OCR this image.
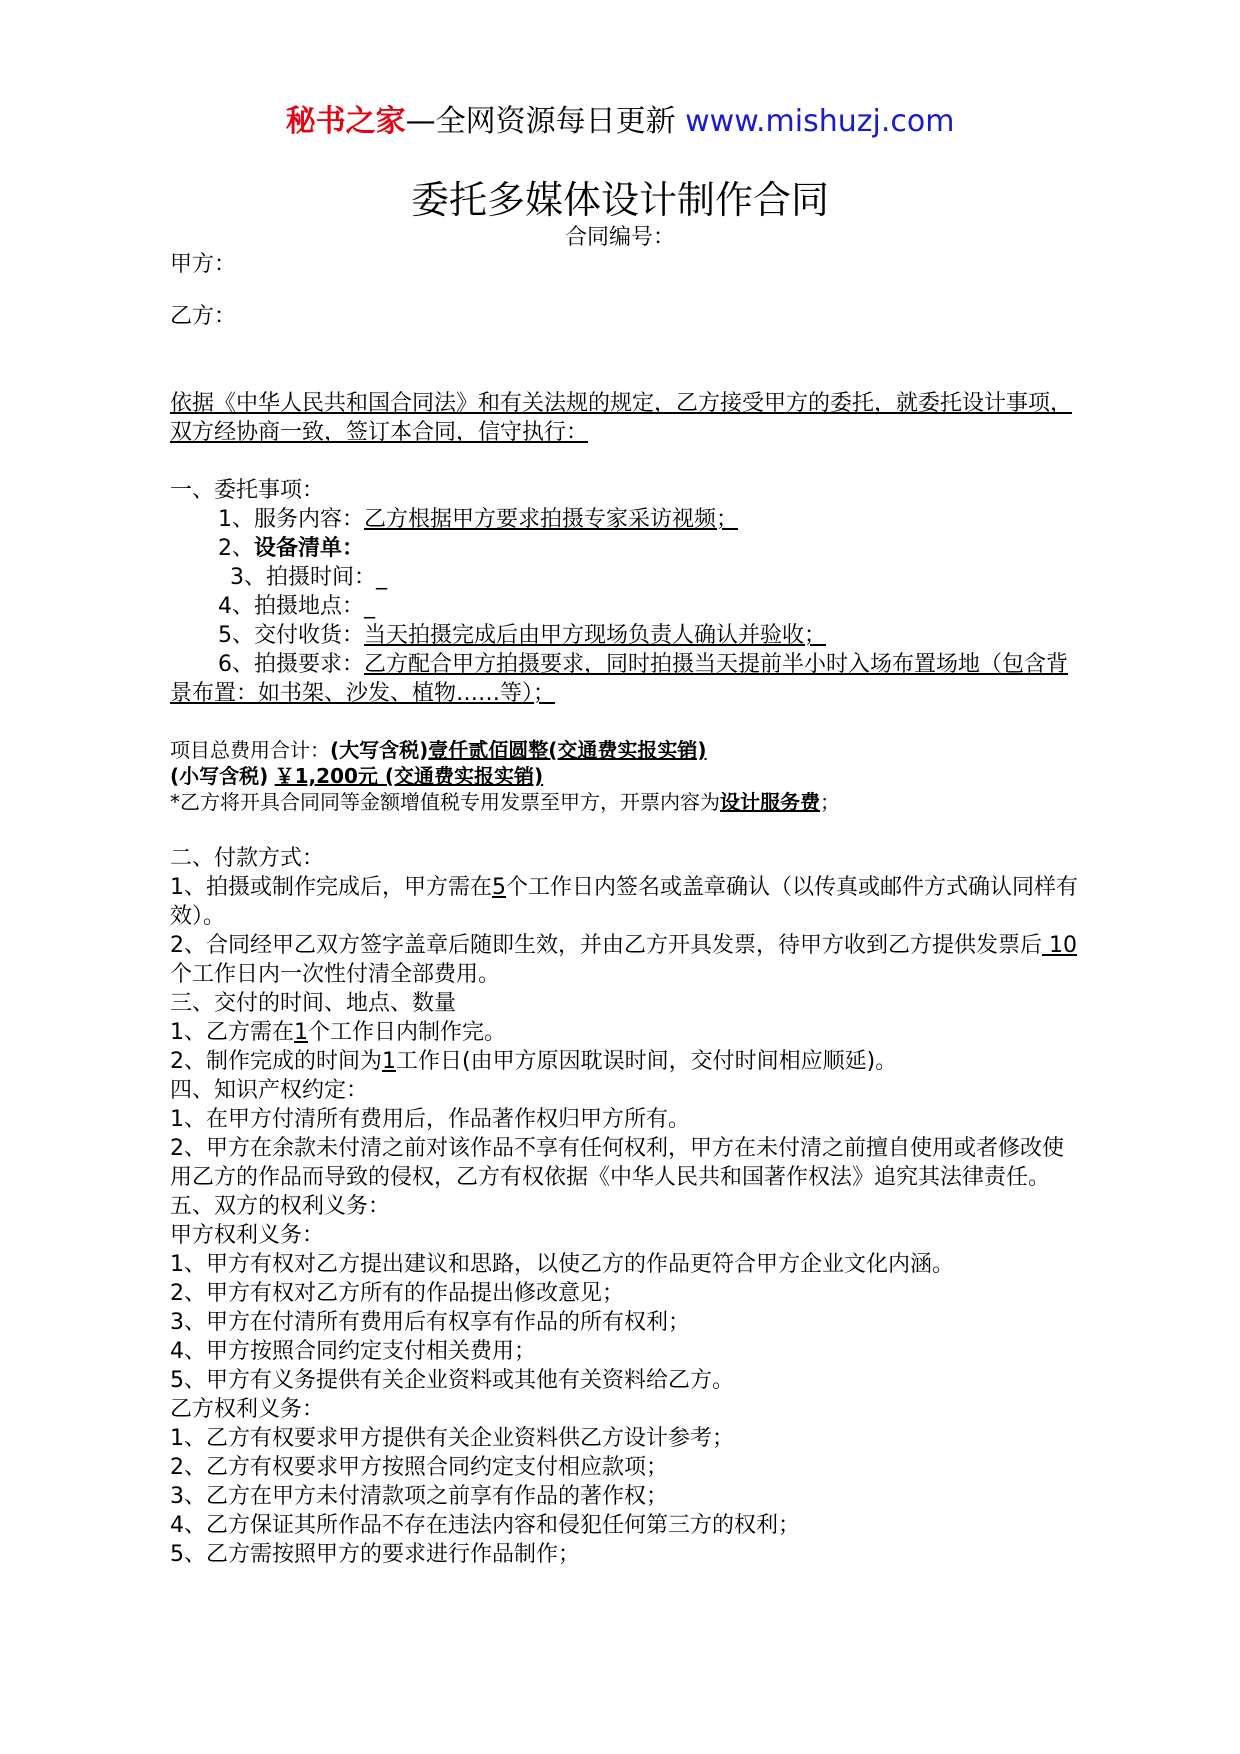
秘书之家—全网资源每日更新 www.mishuzj.com
委托多媒体设计制作合同
合同编号：

甲方：

乙方：

依据《中华人民共和国合同法》和有关法规的规定，乙方接受甲方的委托，就委托设计事项，双方经协商一致，签订本合同，信守执行：

一、委托事项：

1、服务内容：乙方根据甲方要求拍摄专家采访视频；

2、设备清单：

3、拍摄时间：_

4、拍摄地点：_

5、交付收货：当天拍摄完成后由甲方现场负责人确认并验收；

6、拍摄要求：乙方配合甲方拍摄要求，同时拍摄当天提前半小时入场布置场地（包含背景布置：如书架、沙发、植物……等）；

项目总费用合计：(大写含税)壹仟贰佰圆整(交通费实报实销)

(小写含税) ￥1,200元 (交通费实报实销)

*乙方将开具合同同等金额增值税专用发票至甲方，开票内容为设计服务费；

二、付款方式：

1、拍摄或制作完成后，甲方需在5个工作日内签名或盖章确认（以传真或邮件方式确认同样有效）。

2、合同经甲乙双方签字盖章后随即生效，并由乙方开具发票，待甲方收到乙方提供发票后 10个工作日内一次性付清全部费用。

三、交付的时间、地点、数量

1、乙方需在1个工作日内制作完。

2、制作完成的时间为1工作日(由甲方原因耽误时间，交付时间相应顺延)。

四、知识产权约定：

1、在甲方付清所有费用后，作品著作权归甲方所有。

2、甲方在余款未付清之前对该作品不享有任何权利，甲方在未付清之前擅自使用或者修改使用乙方的作品而导致的侵权，乙方有权依据《中华人民共和国著作权法》追究其法律责任。

五、双方的权利义务：

甲方权利义务：

1、甲方有权对乙方提出建议和思路，以使乙方的作品更符合甲方企业文化内涵。

2、甲方有权对乙方所有的作品提出修改意见；

3、甲方在付清所有费用后有权享有作品的所有权利；

4、甲方按照合同约定支付相关费用；

5、甲方有义务提供有关企业资料或其他有关资料给乙方。

乙方权利义务：

1、乙方有权要求甲方提供有关企业资料供乙方设计参考；

2、乙方有权要求甲方按照合同约定支付相应款项；

3、乙方在甲方未付清款项之前享有作品的著作权；

4、乙方保证其所作品不存在违法内容和侵犯任何第三方的权利；

5、乙方需按照甲方的要求进行作品制作；
